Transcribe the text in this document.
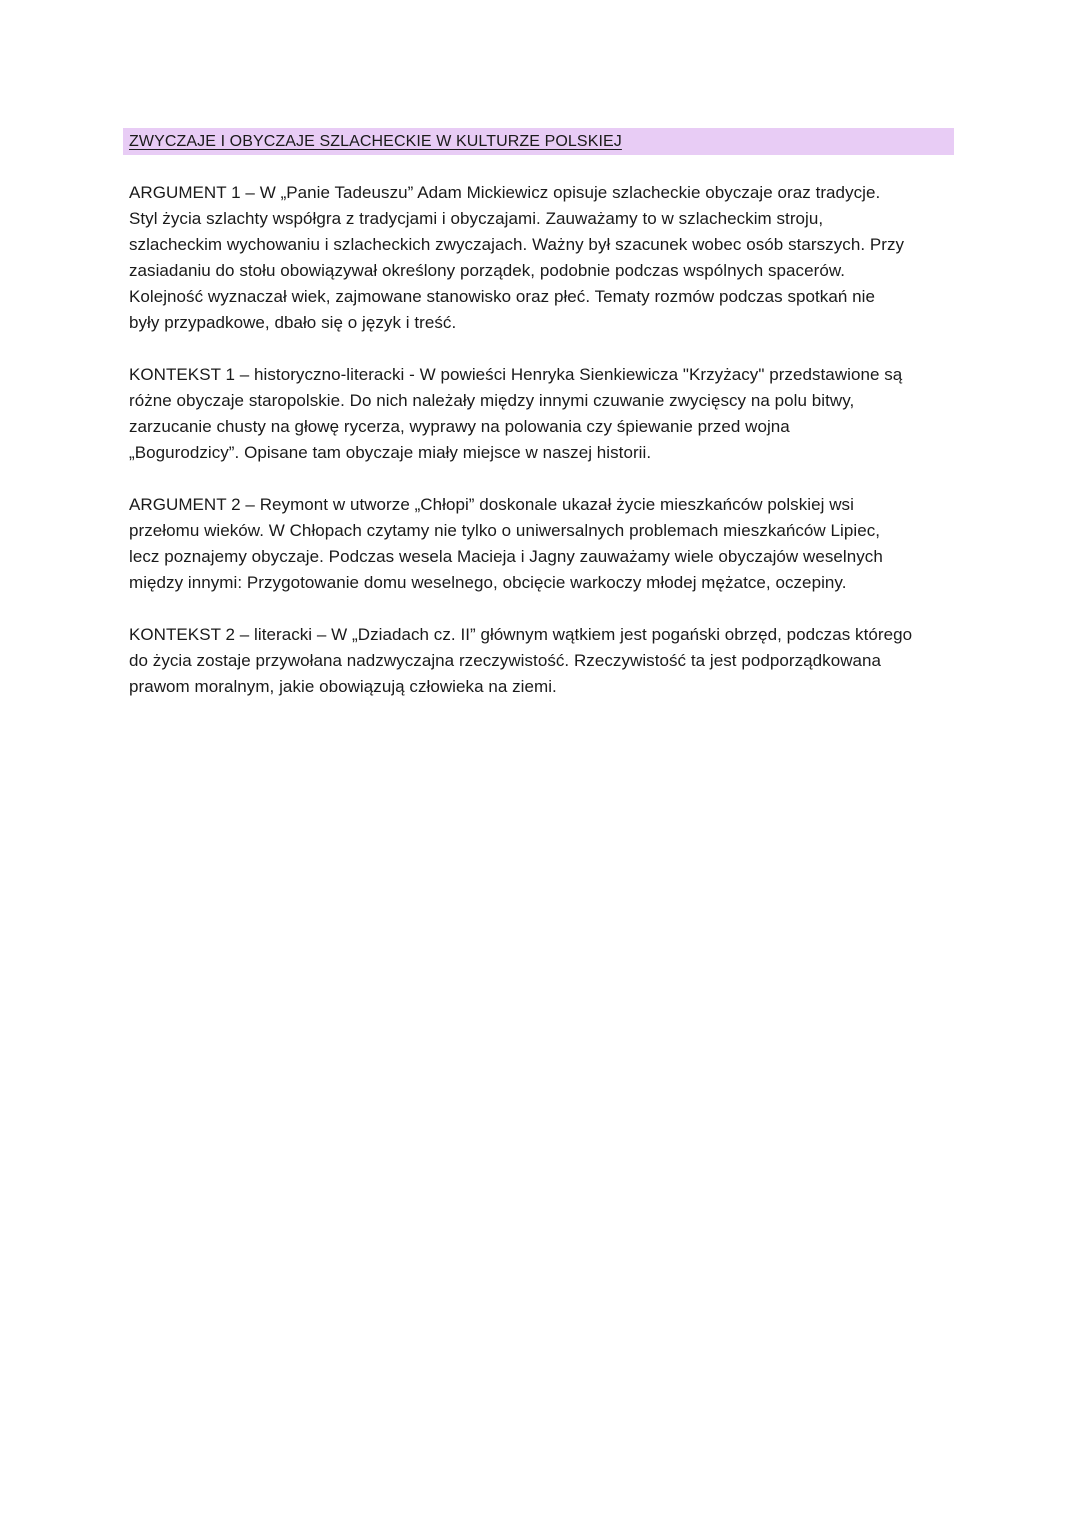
ZWYCZAJE I OBYCZAJE SZLACHECKIE W KULTURZE POLSKIEJ

ARGUMENT 1 – W „Panie Tadeuszu” Adam Mickiewicz opisuje szlacheckie obyczaje oraz tradycje.
Styl życia szlachty współgra z tradycjami i obyczajami. Zauważamy to w szlacheckim stroju,
szlacheckim wychowaniu i szlacheckich zwyczajach. Ważny był szacunek wobec osób starszych. Przy
zasiadaniu do stołu obowiązywał określony porządek, podobnie podczas wspólnych spacerów.
Kolejność wyznaczał wiek, zajmowane stanowisko oraz płeć. Tematy rozmów podczas spotkań nie
były przypadkowe, dbało się o język i treść.

KONTEKST 1 – historyczno-literacki - W powieści Henryka Sienkiewicza "Krzyżacy" przedstawione są
różne obyczaje staropolskie. Do nich należały między innymi czuwanie zwycięscy na polu bitwy,
zarzucanie chusty na głowę rycerza, wyprawy na polowania czy śpiewanie przed wojna
„Bogurodzicy”. Opisane tam obyczaje miały miejsce w naszej historii.

ARGUMENT 2 – Reymont w utworze „Chłopi” doskonale ukazał życie mieszkańców polskiej wsi
przełomu wieków. W Chłopach czytamy nie tylko o uniwersalnych problemach mieszkańców Lipiec,
lecz poznajemy obyczaje. Podczas wesela Macieja i Jagny zauważamy wiele obyczajów weselnych
między innymi: Przygotowanie domu weselnego, obcięcie warkoczy młodej mężatce, oczepiny.

KONTEKST 2 – literacki – W „Dziadach cz. II” głównym wątkiem jest pogański obrzęd, podczas którego
do życia zostaje przywołana nadzwyczajna rzeczywistość. Rzeczywistość ta jest podporządkowana
prawom moralnym, jakie obowiązują człowieka na ziemi.
